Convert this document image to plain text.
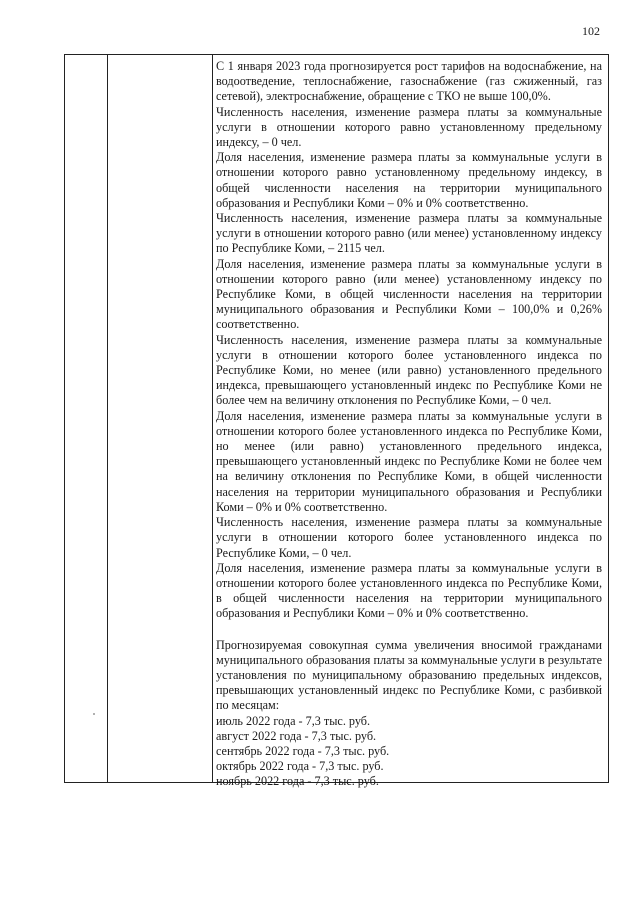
102

С 1 января 2023 года прогнозируется рост тарифов на водоснабжение, на водоотведение, теплоснабжение, газоснабжение (газ сжиженный, газ сетевой), электроснабжение, обращение с ТКО не выше 100,0%.

Численность населения, изменение размера платы за коммунальные услуги в отношении которого равно установленному предельному индексу, – 0 чел.

Доля населения, изменение размера платы за коммунальные услуги в отношении которого равно установленному предельному индексу, в общей численности населения на территории муниципального образования и Республики Коми – 0% и 0% соответственно.

Численность населения, изменение размера платы за коммунальные услуги в отношении которого равно (или менее) установленному индексу по Республике Коми, – 2115 чел.

Доля населения, изменение размера платы за коммунальные услуги в отношении которого равно (или менее) установленному индексу по Республике Коми, в общей численности населения на территории муниципального образования и Республики Коми – 100,0% и 0,26% соответственно.

Численность населения, изменение размера платы за коммунальные услуги в отношении которого более установленного индекса по Республике Коми, но менее (или равно) установленного предельного индекса, превышающего установленный индекс по Республике Коми не более чем на величину отклонения по Республике Коми, – 0 чел.

Доля населения, изменение размера платы за коммунальные услуги в отношении которого более установленного индекса по Республике Коми, но менее (или равно) установленного предельного индекса, превышающего установленный индекс по Республике Коми не более чем на величину отклонения по Республике Коми, в общей численности населения на территории муниципального образования и Республики Коми – 0% и 0% соответственно.

Численность населения, изменение размера платы за коммунальные услуги в отношении которого более установленного индекса по Республике Коми, – 0 чел.

Доля населения, изменение размера платы за коммунальные услуги в отношении которого более установленного индекса по Республике Коми, в общей численности населения на территории муниципального образования и Республики Коми – 0% и 0% соответственно.

Прогнозируемая совокупная сумма увеличения вносимой гражданами муниципального образования платы за коммунальные услуги в результате установления по муниципальному образованию предельных индексов, превышающих установленный индекс по Республике Коми, с разбивкой по месяцам:

июль 2022 года - 7,3 тыс. руб.

август 2022 года - 7,3 тыс. руб.

сентябрь 2022 года - 7,3 тыс. руб.

октябрь 2022 года - 7,3 тыс. руб.

ноябрь 2022 года - 7,3 тыс. руб.
